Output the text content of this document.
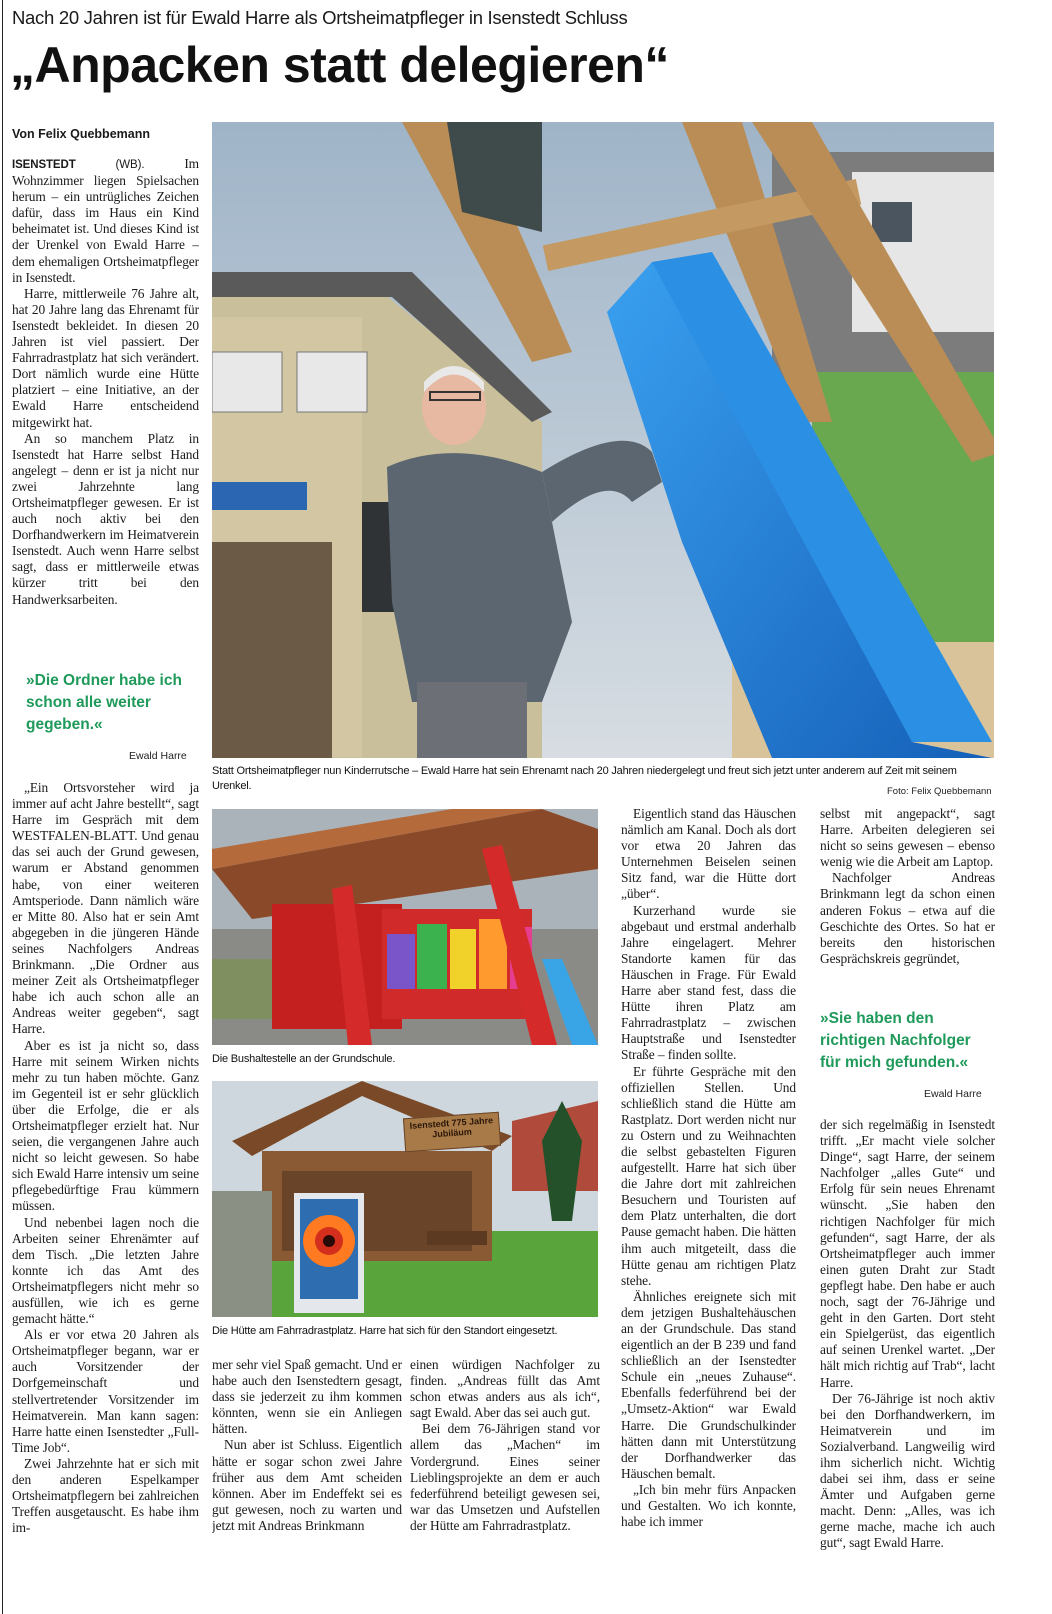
Nach 20 Jahren ist für Ewald Harre als Ortsheimatpfleger in Isenstedt Schluss
„Anpacken statt delegieren“
Von Felix Quebbemann

ISENSTEDT	(WB).	Im Wohnzimmer liegen Spielsachen herum – ein untrügliches Zeichen dafür, dass im Haus ein Kind beheimatet ist. Und dieses Kind ist der Urenkel von Ewald Harre – dem ehemaligen Ortsheimatpfleger in Isenstedt.

Harre, mittlerweile 76 Jahre alt, hat 20 Jahre lang das Ehrenamt für Isenstedt bekleidet. In diesen 20 Jahren ist viel passiert. Der Fahrradrastplatz hat sich verändert. Dort nämlich wurde eine Hütte platziert – eine Initiative, an der Ewald Harre entscheidend mitgewirkt hat.

An so manchem Platz in Isenstedt hat Harre selbst Hand angelegt – denn er ist ja nicht nur zwei Jahrzehnte lang Ortsheimatpfleger gewesen. Er ist auch noch aktiv bei den Dorfhandwerkern im Heimatverein Isenstedt. Auch wenn Harre selbst sagt, dass er mittlerweile etwas kürzer tritt bei den Handwerksarbeiten.

»Die Ordner habe ich schon alle weiter gegeben.«
Ewald Harre

„Ein Ortsvorsteher wird ja immer auf acht Jahre bestellt“, sagt Harre im Gespräch mit dem WESTFALEN-BLATT. Und genau das sei auch der Grund gewesen, warum er Abstand genommen habe, von einer weiteren Amtsperiode. Dann nämlich wäre er Mitte 80. Also hat er sein Amt abgegeben in die jüngeren Hände seines Nachfolgers Andreas Brinkmann. „Die Ordner aus meiner Zeit als Ortsheimatpfleger habe ich auch schon alle an Andreas weiter gegeben“, sagt Harre.

Aber es ist ja nicht so, dass Harre mit seinem Wirken nichts mehr zu tun haben möchte. Ganz im Gegenteil ist er sehr glücklich über die Erfolge, die er als Ortsheimatpfleger erzielt hat. Nur seien, die vergangenen Jahre auch nicht so leicht gewesen. So habe sich Ewald Harre intensiv um seine pflegebedürftige Frau kümmern müssen.

Und nebenbei lagen noch die Arbeiten seiner Ehrenämter auf dem Tisch. „Die letzten Jahre konnte ich das Amt des Ortsheimatpflegers nicht mehr so ausfüllen, wie ich es gerne gemacht hätte.“

Als er vor etwa 20 Jahren als Ortsheimatpfleger begann, war er auch Vorsitzender der Dorfgemeinschaft und stellvertretender Vorsitzender im Heimatverein. Man kann sagen: Harre hatte einen Isenstedter „Full-Time Job“.

Zwei Jahrzehnte hat er sich mit den anderen Espelkamper Ortsheimatpflegern bei zahlreichen Treffen ausgetauscht. Es habe ihm im-

Statt Ortsheimatpfleger nun Kinderrutsche – Ewald Harre hat sein Ehrenamt nach 20 Jahren niedergelegt und freut sich jetzt unter anderem auf Zeit mit seinem Urenkel.	Foto: Felix Quebbemann
Die Bushaltestelle an der Grundschule.
Isenstedt 775 Jahre Jubiläum
Die Hütte am Fahrradrastplatz. Harre hat sich für den Standort eingesetzt.

mer sehr viel Spaß gemacht. Und er habe auch den Isenstedtern gesagt, dass sie jederzeit zu ihm kommen könnten, wenn sie ein Anliegen hätten.

Nun aber ist Schluss. Eigentlich hätte er sogar schon zwei Jahre früher aus dem Amt scheiden können. Aber im Endeffekt sei es gut gewesen, noch zu warten und jetzt mit Andreas Brinkmann

einen würdigen Nachfolger zu finden. „Andreas füllt das Amt schon etwas anders aus als ich“, sagt Ewald. Aber das sei auch gut.

Bei dem 76-Jährigen stand vor allem das „Machen“ im Vordergrund. Eines seiner Lieblingsprojekte an dem er auch federführend beteiligt gewesen sei, war das Umsetzen und Aufstellen der Hütte am Fahrradrastplatz.

Eigentlich stand das Häuschen nämlich am Kanal. Doch als dort vor etwa 20 Jahren das Unternehmen Beiselen seinen Sitz fand, war die Hütte dort „über“.

Kurzerhand wurde sie abgebaut und erstmal anderhalb Jahre eingelagert. Mehrer Standorte kamen für das Häuschen in Frage. Für Ewald Harre aber stand fest, dass die Hütte ihren Platz am Fahrradrastplatz – zwischen Hauptstraße und Isenstedter Straße – finden sollte.

Er führte Gespräche mit den offiziellen Stellen. Und schließlich stand die Hütte am Rastplatz. Dort werden nicht nur zu Ostern und zu Weihnachten die selbst gebastelten Figuren aufgestellt. Harre hat sich über die Jahre dort mit zahlreichen Besuchern und Touristen auf dem Platz unterhalten, die dort Pause gemacht haben. Die hätten ihm auch mitgeteilt, dass die Hütte genau am richtigen Platz stehe.

Ähnliches ereignete sich mit dem jetzigen Bushaltehäuschen an der Grundschule. Das stand eigentlich an der B 239 und fand schließlich an der Isenstedter Schule ein „neues Zuhause“. Ebenfalls federführend bei der „Umsetz-Aktion“ war Ewald Harre. Die Grundschulkinder hätten dann mit Unterstützung der Dorfhandwerker das Häuschen bemalt.

„Ich bin mehr fürs Anpacken und Gestalten. Wo ich konnte, habe ich immer

selbst mit angepackt“, sagt Harre. Arbeiten delegieren sei nicht so seins gewesen – ebenso wenig wie die Arbeit am Laptop.

Nachfolger Andreas Brinkmann legt da schon einen anderen Fokus – etwa auf die Geschichte des Ortes. So hat er bereits den historischen Gesprächskreis gegründet,

»Sie haben den richtigen Nachfolger für mich gefunden.«
Ewald Harre

der sich regelmäßig in Isenstedt trifft. „Er macht viele solcher Dinge“, sagt Harre, der seinem Nachfolger „alles Gute“ und Erfolg für sein neues Ehrenamt wünscht. „Sie haben den richtigen Nachfolger für mich gefunden“, sagt Harre, der als Ortsheimatpfleger auch immer einen guten Draht zur Stadt gepflegt habe. Den habe er auch noch, sagt der 76-Jährige und geht in den Garten. Dort steht ein Spielgerüst, das eigentlich auf seinen Urenkel wartet. „Der hält mich richtig auf Trab“, lacht Harre.

Der 76-Jährige ist noch aktiv bei den Dorfhandwerkern, im Heimatverein und im Sozialverband. Langweilig wird ihm sicherlich nicht. Wichtig dabei sei ihm, dass er seine Ämter und Aufgaben gerne macht. Denn: „Alles, was ich gerne mache, mache ich auch gut“, sagt Ewald Harre.
